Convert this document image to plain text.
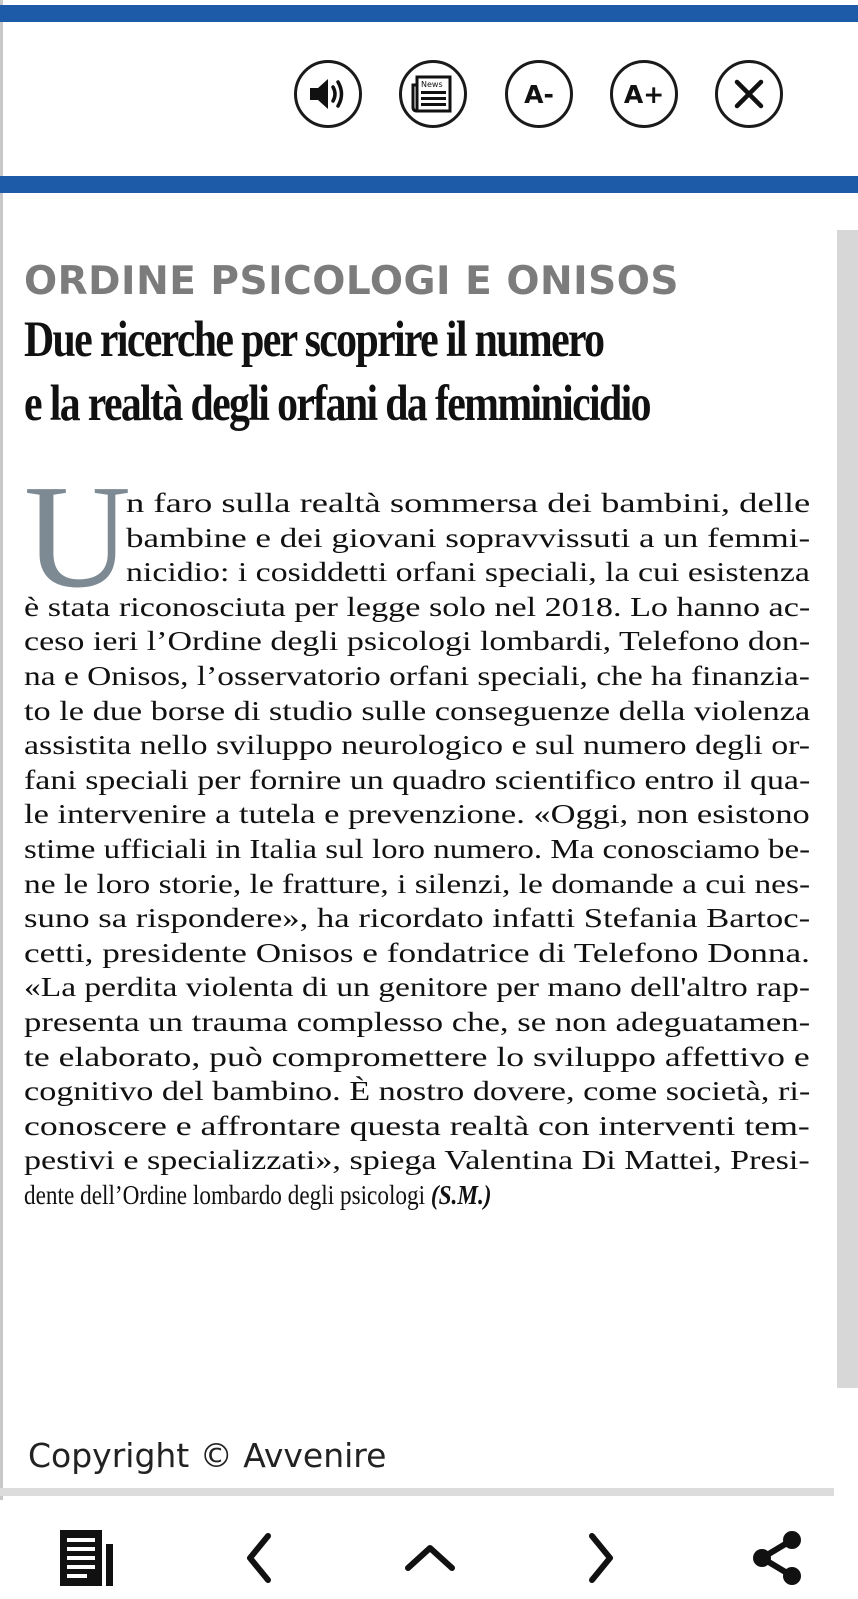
News	A-	A+
ORDINE PSICOLOGI E ONISOS
Due ricerche per scoprire il numero
e la realtà degli orfani da femminicidio
U
n faro sulla realtà sommersa dei bambini, delle
bambine e dei giovani sopravvissuti a un femmi-
nicidio: i cosiddetti orfani speciali, la cui esistenza
è stata riconosciuta per legge solo nel 2018. Lo hanno ac-
ceso ieri l’Ordine degli psicologi lombardi, Telefono don-
na e Onisos, l’osservatorio orfani speciali, che ha finanzia-
to le due borse di studio sulle conseguenze della violenza
assistita nello sviluppo neurologico e sul numero degli or-
fani speciali per fornire un quadro scientifico entro il qua-
le intervenire a tutela e prevenzione. «Oggi, non esistono
stime ufficiali in Italia sul loro numero. Ma conosciamo be-
ne le loro storie, le fratture, i silenzi, le domande a cui nes-
suno sa rispondere», ha ricordato infatti Stefania Bartoc-
cetti, presidente Onisos e fondatrice di Telefono Donna.
«La perdita violenta di un genitore per mano dell'altro rap-
presenta un trauma complesso che, se non adeguatamen-
te elaborato, può compromettere lo sviluppo affettivo e
cognitivo del bambino. È nostro dovere, come società, ri-
conoscere e affrontare questa realtà con interventi tem-
pestivi e specializzati», spiega Valentina Di Mattei, Presi-
dente dell’Ordine lombardo degli psicologi (S.M.)
Copyright © Avvenire
